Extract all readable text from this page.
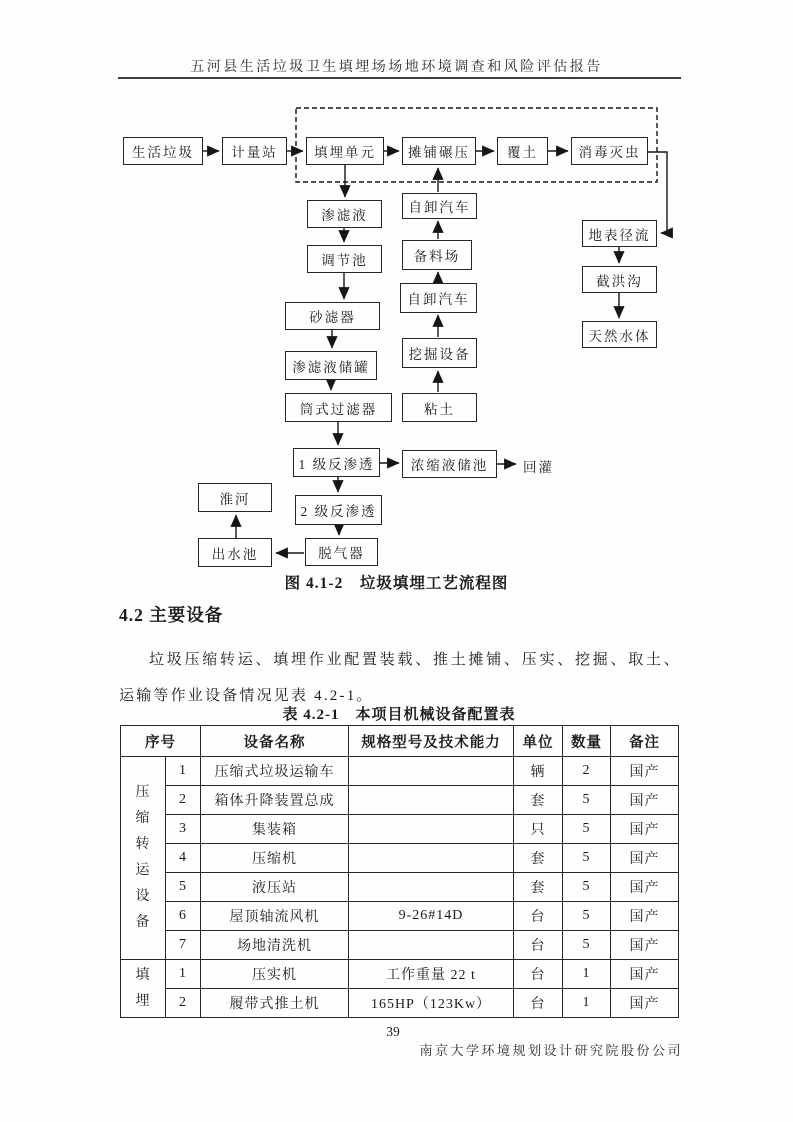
五河县生活垃圾卫生填埋场场地环境调查和风险评估报告
生活垃圾	计量站	填埋单元	摊铺碾压	覆土	消毒灭虫
渗滤液
调节池
砂滤器
渗滤液储罐
筒式过滤器
1 级反渗透	浓缩液储池	回灌
2 级反渗透
脱气器
出水池
淮河
自卸汽车
备料场
自卸汽车
挖掘设备
粘土
地表径流
截洪沟
天然水体
图 4.1-2　垃圾填埋工艺流程图
4.2 主要设备
垃圾压缩转运、填埋作业配置装载、推土摊铺、压实、挖掘、取土、运输等作业设备情况见表 4.2-1。
表 4.2-1　本项目机械设备配置表
序号		设备名称	规格型号及技术能力	单位	数量	备注

压缩转运设备	1	压缩式垃圾运输车		辆	2	国产
	2	箱体升降装置总成		套	5	国产
	3	集装箱		只	5	国产
	4	压缩机		套	5	国产
	5	液压站		套	5	国产
	6	屋顶轴流风机	9-26#14D	台	5	国产
	7	场地清洗机		台	5	国产

填埋	1	压实机	工作重量 22 t	台	1	国产
	2	履带式推土机	165HP（123Kw）	台	1	国产
39
南京大学环境规划设计研究院股份公司
